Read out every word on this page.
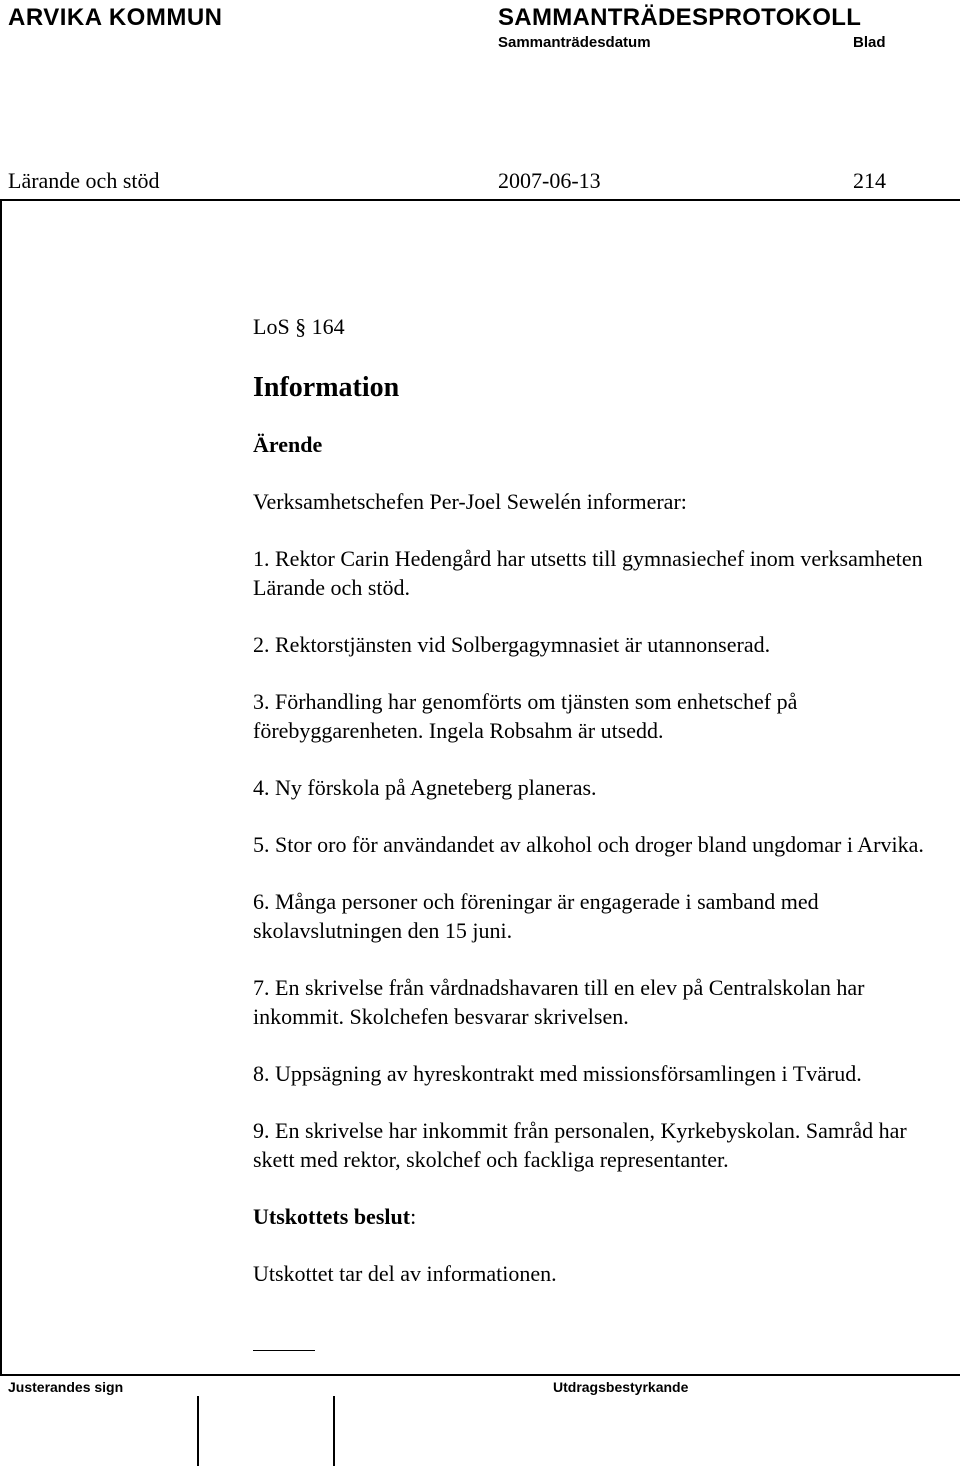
ARVIKA KOMMUN	SAMMANTRÄDESPROTOKOLL
Sammanträdesdatum	Blad
Lärande och stöd	2007-06-13	214

LoS § 164

Information

Ärende

Verksamhetschefen Per-Joel Sewelén informerar:

1. Rektor Carin Hedengård har utsetts till gymnasiechef inom verksamheten Lärande och stöd.
2. Rektorstjänsten vid Solbergagymnasiet är utannonserad.
3. Förhandling har genomförts om tjänsten som enhetschef på förebyggarenheten. Ingela Robsahm är utsedd.
4. Ny förskola på Agneteberg planeras.
5. Stor oro för användandet av alkohol och droger bland ungdomar i Arvika.
6. Många personer och föreningar är engagerade i samband med skolavslutningen den 15 juni.
7. En skrivelse från vårdnadshavaren till en elev på Centralskolan har inkommit. Skolchefen besvarar skrivelsen.
8. Uppsägning av hyreskontrakt med missionsförsamlingen i Tvärud.
9. En skrivelse har inkommit från personalen, Kyrkebyskolan. Samråd har skett med rektor, skolchef och fackliga representanter.

Utskottets beslut:

Utskottet tar del av informationen.

Justerandes sign	Utdragsbestyrkande
